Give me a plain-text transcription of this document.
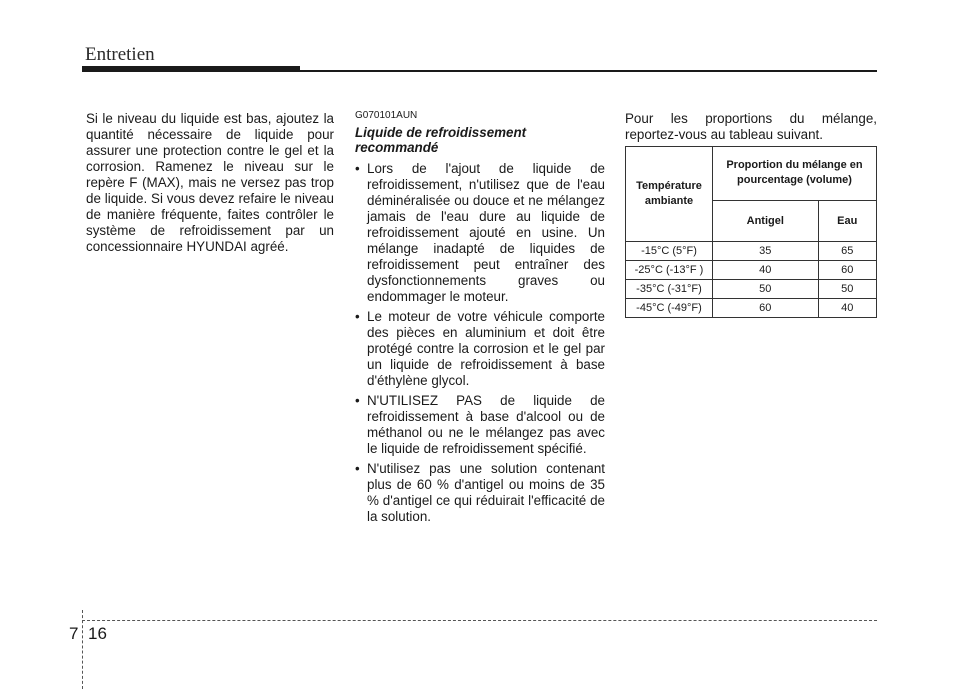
Entretien

Si le niveau du liquide est bas, ajoutez la quantité nécessaire de liquide pour assurer une protection contre le gel et la corrosion. Ramenez le niveau sur le repère F (MAX), mais ne versez pas trop de liquide. Si vous devez refaire le niveau de manière fréquente, faites contrôler le système de refroidissement par un concessionnaire HYUNDAI agréé.

G070101AUN
Liquide de refroidissement recommandé
• Lors de l'ajout de liquide de refroidissement, n'utilisez que de l'eau déminéralisée ou douce et ne mélangez jamais de l'eau dure au liquide de refroidissement ajouté en usine. Un mélange inadapté de liquides de refroidissement peut entraîner des dysfonctionnements graves ou endommager le moteur.
• Le moteur de votre véhicule comporte des pièces en aluminium et doit être protégé contre la corrosion et le gel par un liquide de refroidissement à base d'éthylène glycol.
• N'UTILISEZ PAS de liquide de refroidissement à base d'alcool ou de méthanol ou ne le mélangez pas avec le liquide de refroidissement spécifié.
• N'utilisez pas une solution contenant plus de 60 % d'antigel ou moins de 35 % d'antigel ce qui réduirait l'efficacité de la solution.

Pour les proportions du mélange, reportez-vous au tableau suivant.

Température ambiante	Proportion du mélange en pourcentage (volume)	
	Antigel	Eau
-15°C (5°F)	35	65
-25°C (-13°F )	40	60
-35°C (-31°F)	50	50
-45°C (-49°F)	60	40
7 16
